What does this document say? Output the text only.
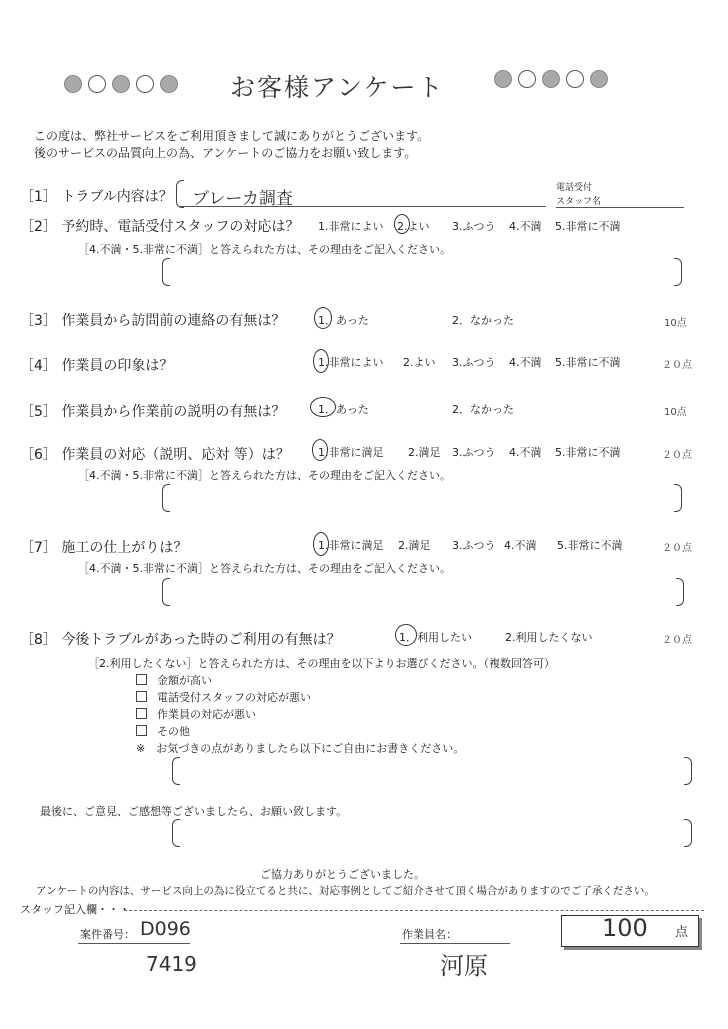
お客様アンケート
この度は、弊社サービスをご利用頂きまして誠にありがとうございます。
後のサービスの品質向上の為、アンケートのご協力をお願い致します。
［1］ トラブル内容は？ ブレーカ調査
電話受付
スタッフ名
［2］ 予約時、電話受付スタッフの対応は？ 1.非常によい 2.よい 3.ふつう 4.不満 5.非常に不満
［4.不満・5.非常に不満］と答えられた方は、その理由をご記入ください。
［3］ 作業員から訪問前の連絡の有無は？	1．あった	2．なかった	10点
［4］ 作業員の印象は？	1.非常によい 2.よい 3.ふつう 4.不満 5.非常に不満	２０点
［5］ 作業員から作業前の説明の有無は？	1．あった	2．なかった	10点
［6］ 作業員の対応（説明、応対 等）は？	1.非常に満足 2.満足 3.ふつう 4.不満 5.非常に不満	２０点
［4.不満・5.非常に不満］と答えられた方は、その理由をご記入ください。
［7］ 施工の仕上がりは？	1.非常に満足 2.満足 3.ふつう 4.不満 5.非常に不満	２０点
［4.不満・5.非常に不満］と答えられた方は、その理由をご記入ください。
［8］ 今後トラブルがあった時のご利用の有無は？	1．利用したい	2.利用したくない	２０点
［2.利用したくない］と答えられた方は、その理由を以下よりお選びください。（複数回答可）
金額が高い
電話受付スタッフの対応が悪い
作業員の対応が悪い
その他
※　お気づきの点がありましたら以下にご自由にお書きください。
最後に、ご意見、ご感想等ございましたら、お願い致します。
ご協力ありがとうございました。
アンケートの内容は、サービス向上の為に役立てると共に、対応事例としてご紹介させて頂く場合がありますのでご了承ください。
スタッフ記入欄・・・
案件番号： D096
7419
作業員名：
河原
100 点
